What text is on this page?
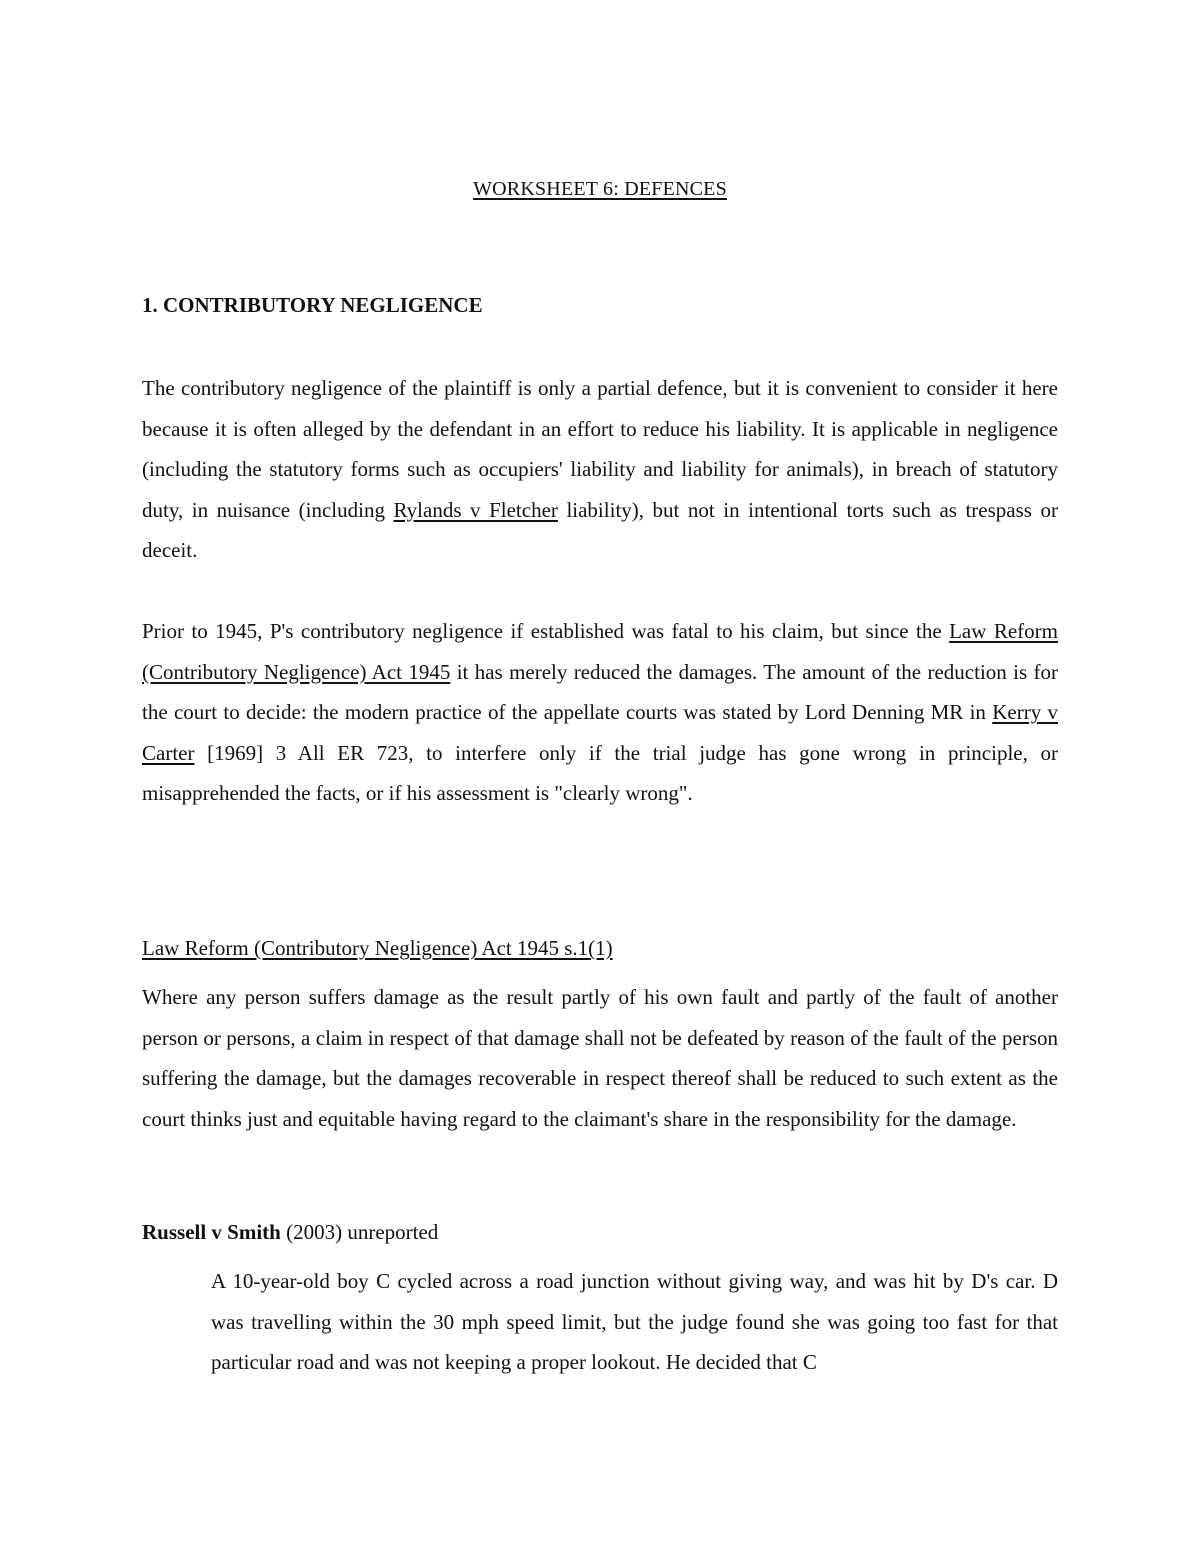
WORKSHEET 6: DEFENCES
1. CONTRIBUTORY NEGLIGENCE
The contributory negligence of the plaintiff is only a partial defence, but it is convenient to consider it here because it is often alleged by the defendant in an effort to reduce his liability. It is applicable in negligence (including the statutory forms such as occupiers' liability and liability for animals), in breach of statutory duty, in nuisance (including Rylands v Fletcher liability), but not in intentional torts such as trespass or deceit.
Prior to 1945, P's contributory negligence if established was fatal to his claim, but since the Law Reform (Contributory Negligence) Act 1945 it has merely reduced the damages. The amount of the reduction is for the court to decide: the modern practice of the appellate courts was stated by Lord Denning MR in Kerry v Carter [1969] 3 All ER 723, to interfere only if the trial judge has gone wrong in principle, or misapprehended the facts, or if his assessment is "clearly wrong".
Law Reform (Contributory Negligence) Act 1945 s.1(1)
Where any person suffers damage as the result partly of his own fault and partly of the fault of another person or persons, a claim in respect of that damage shall not be defeated by reason of the fault of the person suffering the damage, but the damages recoverable in respect thereof shall be reduced to such extent as the court thinks just and equitable having regard to the claimant's share in the responsibility for the damage.
Russell v Smith (2003) unreported
A 10-year-old boy C cycled across a road junction without giving way, and was hit by D's car. D was travelling within the 30 mph speed limit, but the judge found she was going too fast for that particular road and was not keeping a proper lookout. He decided that C
